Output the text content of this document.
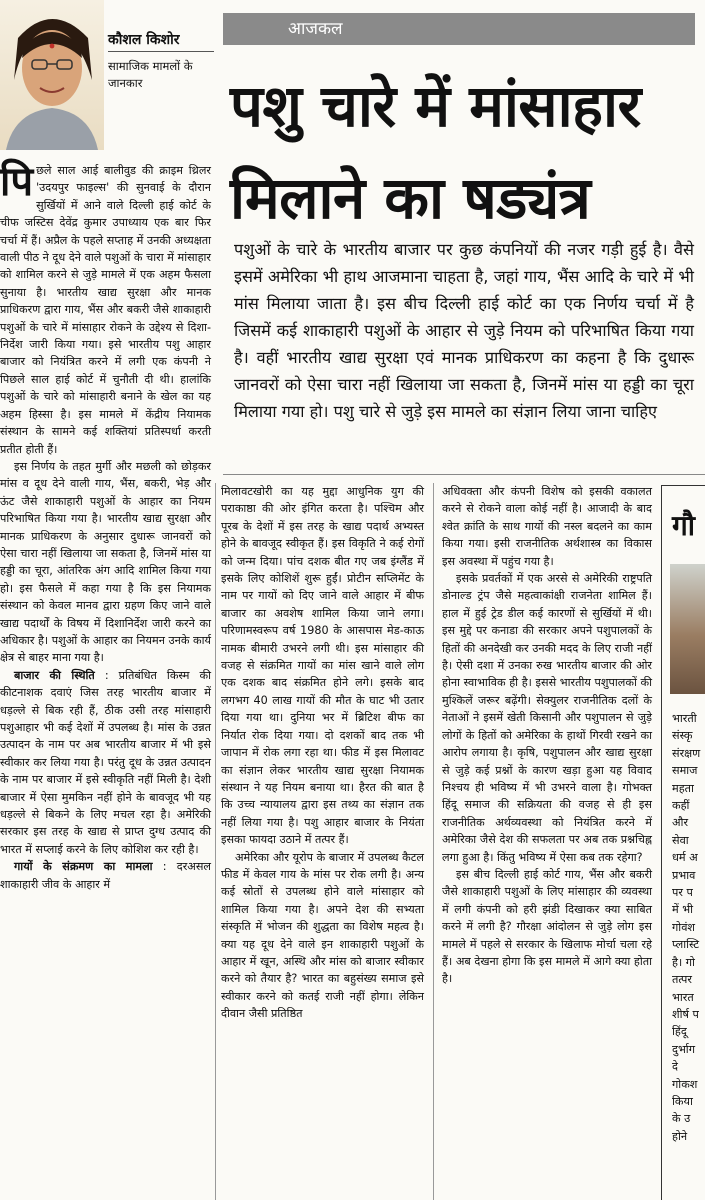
कौशल किशोर
सामाजिक मामलों के जानकार
आजकल
पशु चारे में मांसाहार
मिलाने का षड्यंत्र

पशुओं के चारे के भारतीय बाजार पर कुछ कंपनियों की नजर गड़ी हुई है। वैसे इसमें अमेरिका भी हाथ आजमाना चाहता है, जहां गाय, भैंस आदि के चारे में भी मांस मिलाया जाता है। इस बीच दिल्ली हाई कोर्ट का एक निर्णय चर्चा में है जिसमें कई शाकाहारी पशुओं के आहार से जुड़े नियम को परिभाषित किया गया है। वहीं भारतीय खाद्य सुरक्षा एवं मानक प्राधिकरण का कहना है कि दुधारू जानवरों को ऐसा चारा नहीं खिलाया जा सकता है, जिनमें मांस या हड्डी का चूरा मिलाया गया हो। पशु चारे से जुड़े इस मामले का संज्ञान लिया जाना चाहिए

पिछले साल आई बालीवुड की क्राइम थ्रिलर 'उदयपुर फाइल्स' की सुनवाई के दौरान सुर्खियों में आने वाले दिल्ली हाई कोर्ट के चीफ जस्टिस देवेंद्र कुमार उपाध्याय एक बार फिर चर्चा में हैं। अप्रैल के पहले सप्ताह में उनकी अध्यक्षता वाली पीठ ने दूध देने वाले पशुओं के चारा में मांसाहार को शामिल करने से जुड़े मामले में एक अहम फैसला सुनाया है। भारतीय खाद्य सुरक्षा और मानक प्राधिकरण द्वारा गाय, भैंस और बकरी जैसे शाकाहारी पशुओं के चारे में मांसाहार रोकने के उद्देश्य से दिशा-निर्देश जारी किया गया। इसे भारतीय पशु आहार बाजार को नियंत्रित करने में लगी एक कंपनी ने पिछले साल हाई कोर्ट में चुनौती दी थी। हालांकि पशुओं के चारे को मांसाहारी बनाने के खेल का यह अहम हिस्सा है। इस मामले में केंद्रीय नियामक संस्थान के सामने कई शक्तियां प्रतिस्पर्धा करती प्रतीत होती हैं।

इस निर्णय के तहत मुर्गी और मछली को छोड़कर मांस व दूध देने वाली गाय, भैंस, बकरी, भेड़ और ऊंट जैसे शाकाहारी पशुओं के आहार का नियम परिभाषित किया गया है। भारतीय खाद्य सुरक्षा और मानक प्राधिकरण के अनुसार दुधारू जानवरों को ऐसा चारा नहीं खिलाया जा सकता है, जिनमें मांस या हड्डी का चूरा, आंतरिक अंग आदि शामिल किया गया हो। इस फैसले में कहा गया है कि इस नियामक संस्थान को केवल मानव द्वारा ग्रहण किए जाने वाले खाद्य पदार्थों के विषय में दिशानिर्देश जारी करने का अधिकार है। पशुओं के आहार का नियमन उनके कार्य क्षेत्र से बाहर माना गया है।

बाजार की स्थिति : प्रतिबंधित किस्म की कीटनाशक दवाएं जिस तरह भारतीय बाजार में धड़ल्ले से बिक रही हैं, ठीक उसी तरह मांसाहारी पशुआहार भी कई देशों में उपलब्ध है। मांस के उन्नत उत्पादन के नाम पर अब भारतीय बाजार में भी इसे स्वीकार कर लिया गया है। परंतु दूध के उन्नत उत्पादन के नाम पर बाजार में इसे स्वीकृति नहीं मिली है। देशी बाजार में ऐसा मुमकिन नहीं होने के बावजूद भी यह धड़ल्ले से बिकने के लिए मचल रहा है। अमेरिकी सरकार इस तरह के खाद्य से प्राप्त दुग्ध उत्पाद की भारत में सप्लाई करने के लिए कोशिश कर रही है।

गायों के संक्रमण का मामला : दरअसल शाकाहारी जीव के आहार में

मिलावटखोरी का यह मुद्दा आधुनिक युग की पराकाष्ठा की ओर इंगित करता है। पश्चिम और पूरब के देशों में इस तरह के खाद्य पदार्थ अभ्यस्त होने के बावजूद स्वीकृत हैं। इस विकृति ने कई रोगों को जन्म दिया। पांच दशक बीत गए जब इंग्लैंड में इसके लिए कोशिशें शुरू हुईं। प्रोटीन सप्लिमेंट के नाम पर गायों को दिए जाने वाले आहार में बीफ बाजार का अवशेष शामिल किया जाने लगा। परिणामस्वरूप वर्ष 1980 के आसपास मेड-काऊ नामक बीमारी उभरने लगी थी। इस मांसाहार की वजह से संक्रमित गायों का मांस खाने वाले लोग एक दशक बाद संक्रमित होने लगे। इसके बाद लगभग 40 लाख गायों की मौत के घाट भी उतार दिया गया था। दुनिया भर में ब्रिटिश बीफ का निर्यात रोक दिया गया। दो दशकों बाद तक भी जापान में रोक लगा रहा था। फीड में इस मिलावट का संज्ञान लेकर भारतीय खाद्य सुरक्षा नियामक संस्थान ने यह नियम बनाया था। हैरत की बात है कि उच्च न्यायालय द्वारा इस तथ्य का संज्ञान तक नहीं लिया गया है। पशु आहार बाजार के नियंता इसका फायदा उठाने में तत्पर हैं।

अमेरिका और यूरोप के बाजार में उपलब्ध कैटल फीड में केवल गाय के मांस पर रोक लगी है। अन्य कई स्रोतों से उपलब्ध होने वाले मांसाहार को शामिल किया गया है। अपने देश की सभ्यता संस्कृति में भोजन की शुद्धता का विशेष महत्व है। क्या यह दूध देने वाले इन शाकाहारी पशुओं के आहार में खून, अस्थि और मांस को बाजार स्वीकार करने को तैयार है? भारत का बहुसंख्य समाज इसे स्वीकार करने को कतई राजी नहीं होगा। लेकिन दीवान जैसी प्रतिष्ठित

अधिवक्ता और कंपनी विशेष को इसकी वकालत करने से रोकने वाला कोई नहीं है। आजादी के बाद श्वेत क्रांति के साथ गायों की नस्ल बदलने का काम किया गया। इसी राजनीतिक अर्थशास्त्र का विकास इस अवस्था में पहुंच गया है।

इसके प्रवर्तकों में एक अरसे से अमेरिकी राष्ट्रपति डोनाल्ड ट्रंप जैसे महत्वाकांक्षी राजनेता शामिल हैं। हाल में हुई ट्रेड डील कई कारणों से सुर्खियों में थी। इस मुद्दे पर कनाडा की सरकार अपने पशुपालकों के हितों की अनदेखी कर उनकी मदद के लिए राजी नहीं है। ऐसी दशा में उनका रुख भारतीय बाजार की ओर होना स्वाभाविक ही है। इससे भारतीय पशुपालकों की मुश्किलें जरूर बढ़ेंगी। सेक्युलर राजनीतिक दलों के नेताओं ने इसमें खेती किसानी और पशुपालन से जुड़े लोगों के हितों को अमेरिका के हाथों गिरवी रखने का आरोप लगाया है। कृषि, पशुपालन और खाद्य सुरक्षा से जुड़े कई प्रश्नों के कारण खड़ा हुआ यह विवाद निश्चय ही भविष्य में भी उभरने वाला है। गोभक्त हिंदू समाज की सक्रियता की वजह से ही इस राजनीतिक अर्थव्यवस्था को नियंत्रित करने में अमेरिका जैसे देश की सफलता पर अब तक प्रश्नचिह्न लगा हुआ है। किंतु भविष्य में ऐसा कब तक रहेगा?

इस बीच दिल्ली हाई कोर्ट गाय, भैंस और बकरी जैसे शाकाहारी पशुओं के लिए मांसाहार की व्यवस्था में लगी कंपनी को हरी झंडी दिखाकर क्या साबित करने में लगी है? गौरक्षा आंदोलन से जुड़े लोग इस मामले में पहले से सरकार के खिलाफ मोर्चा चला रहे हैं। अब देखना होगा कि इस मामले में आगे क्या होता है।

गौ

भारती

संस्कृ

संरक्षण

समाज

महता

कहीं

और

सेवा

धर्म अ

प्रभाव

पर प

में भी

गोवंश

प्लास्टि

है। गो

तत्पर

भारत

शीर्ष प

हिंदू

दुर्भाग

दे

गोकश

किया

के उ

होने
